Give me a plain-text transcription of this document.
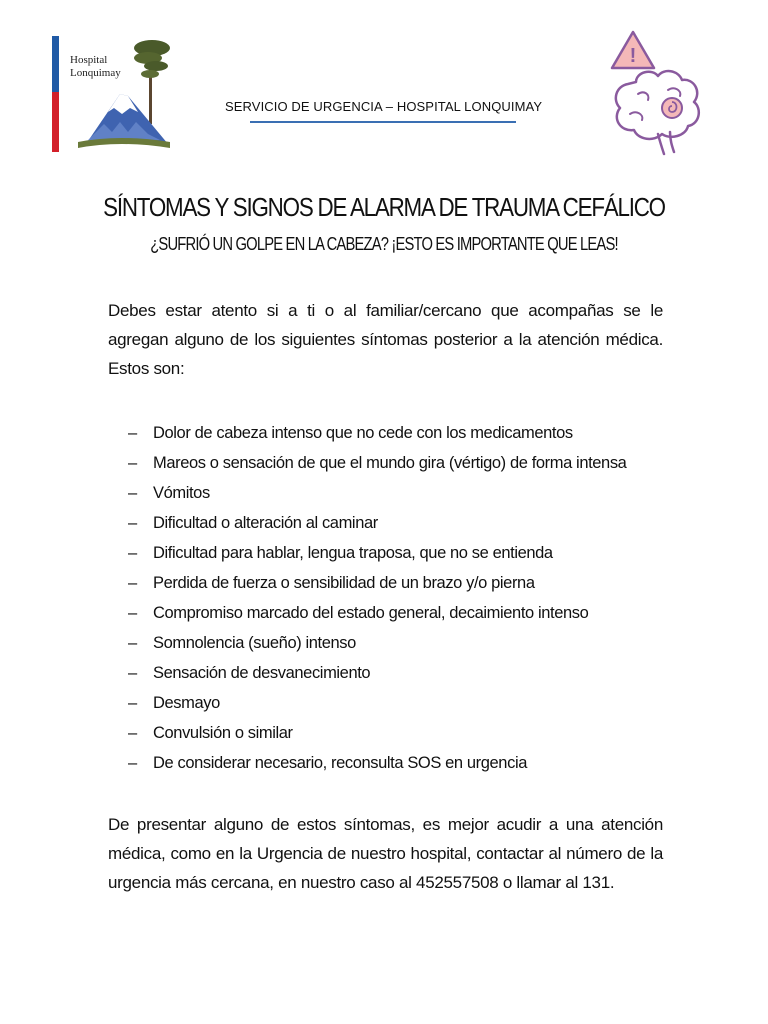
Hospital
Lonquimay
SERVICIO DE URGENCIA – HOSPITAL LONQUIMAY
!
SÍNTOMAS Y SIGNOS DE ALARMA DE TRAUMA CEFÁLICO
¿SUFRIÓ UN GOLPE EN LA CABEZA? ¡ESTO ES IMPORTANTE QUE LEAS!

Debes estar atento si a ti o al familiar/cercano que acompañas se le agregan alguno de los siguientes síntomas posterior a la atención médica. Estos son:

– Dolor de cabeza intenso que no cede con los medicamentos
– Mareos o sensación de que el mundo gira (vértigo) de forma intensa
– Vómitos
– Dificultad o alteración al caminar
– Dificultad para hablar, lengua traposa, que no se entienda
– Perdida de fuerza o sensibilidad de un brazo y/o pierna
– Compromiso marcado del estado general, decaimiento intenso
– Somnolencia (sueño) intenso
– Sensación de desvanecimiento
– Desmayo
– Convulsión o similar
– De considerar necesario, reconsulta SOS en urgencia

De presentar alguno de estos síntomas, es mejor acudir a una atención médica, como en la Urgencia de nuestro hospital, contactar al número de la urgencia más cercana, en nuestro caso al 452557508 o llamar al 131.
